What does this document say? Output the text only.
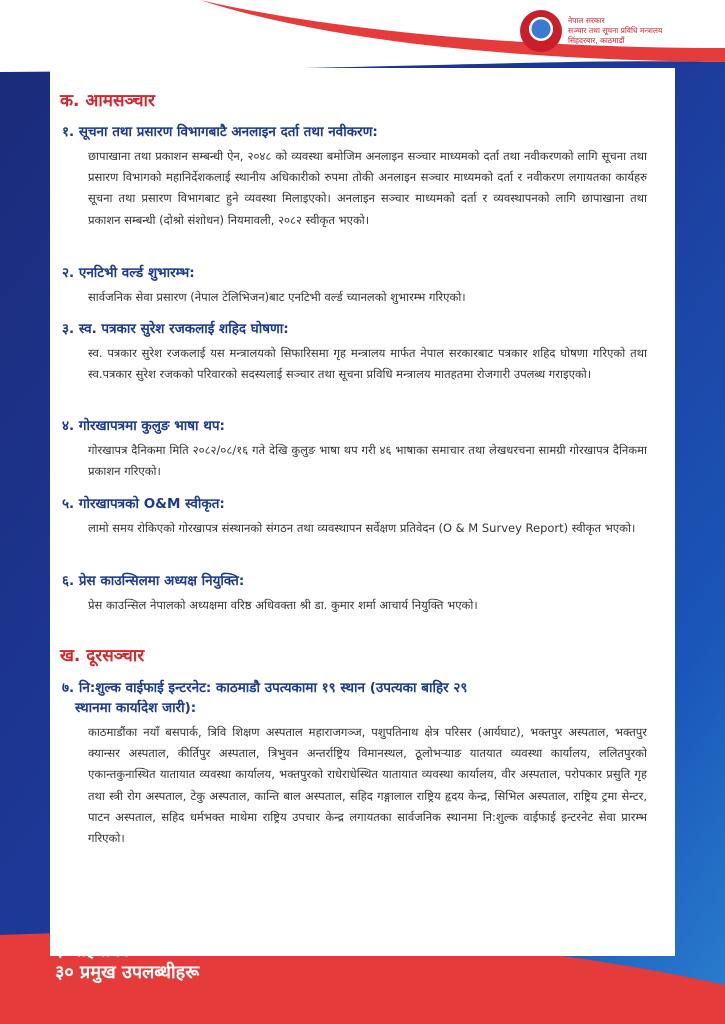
नेपाल सरकार
सञ्चार तथा सूचना प्रविधि मन्त्रालय
सिंहदरबार, काठमाडौं
क. आमसञ्चार
१. सूचना तथा प्रसारण विभागबाटै अनलाइन दर्ता तथा नवीकरण:

छापाखाना तथा प्रकाशन सम्बन्धी ऐन, २०४८ को व्यवस्था बमोजिम अनलाइन सञ्चार माध्यमको दर्ता तथा नवीकरणको लागि सूचना तथा प्रसारण विभागको महानिर्देशकलाई स्थानीय अधिकारीको रुपमा तोकी अनलाइन सञ्चार माध्यमको दर्ता र नवीकरण लगायतका कार्यहरु सूचना तथा प्रसारण विभागबाट हुने व्यवस्था मिलाइएको। अनलाइन सञ्चार माध्यमको दर्ता र व्यवस्थापनको लागि छापाखाना तथा प्रकाशन सम्बन्धी (दोश्रो संशोधन) नियमावली, २०८२ स्वीकृत भएको।

२. एनटिभी वर्ल्ड शुभारम्भ:

सार्वजनिक सेवा प्रसारण (नेपाल टेलिभिजन)बाट एनटिभी वर्ल्ड च्यानलको शुभारम्भ गरिएको।

३. स्व. पत्रकार सुरेश रजकलाई शहिद घोषणा:

स्व. पत्रकार सुरेश रजकलाई यस मन्त्रालयको सिफारिसमा गृह मन्त्रालय मार्फत नेपाल सरकारबाट पत्रकार शहिद घोषणा गरिएको तथा स्व.पत्रकार सुरेश रजकको परिवारको सदस्यलाई सञ्चार तथा सूचना प्रविधि मन्त्रालय मातहतमा रोजगारी उपलब्ध गराइएको।

४. गोरखापत्रमा कुलुङ भाषा थप:

गोरखापत्र दैनिकमा मिति २०८२/०८/१६ गते देखि कुलुङ भाषा थप गरी ४६ भाषाका समाचार तथा लेखधरचना सामग्री गोरखापत्र दैनिकमा प्रकाशन गरिएको।

५. गोरखापत्रको O&M स्वीकृत:

लामो समय रोकिएको गोरखापत्र संस्थानको संगठन तथा व्यवस्थापन सर्वेक्षण प्रतिवेदन (O & M Survey Report) स्वीकृत भएको।

६. प्रेस काउन्सिलमा अध्यक्ष नियुक्ति:

प्रेस काउन्सिल नेपालको अध्यक्षमा वरिष्ठ अधिवक्ता श्री डा. कुमार शर्मा आचार्य नियुक्ति भएको।

ख. दूरसञ्चार
७. नि:शुल्क वाईफाई इन्टरनेट: काठमाडौ उपत्यकामा १९ स्थान (उपत्यका बाहिर २९
स्थानमा कार्यादेश जारी):

काठमाडौंका नयाँ बसपार्क, त्रिवि शिक्षण अस्पताल महाराजगञ्ज, पशुपतिनाथ क्षेत्र परिसर (आर्यघाट), भक्तपुर अस्पताल, भक्तपुर क्यान्सर अस्पताल, कीर्तिपुर अस्पताल, त्रिभुवन अन्तर्राष्ट्रिय विमानस्थल, ठूलोभऱ्याङ यातयात व्यवस्था कार्यालय, ललितपुरको एकान्तकुनास्थित यातायात व्यवस्था कार्यालय, भक्तपुरको राधेराधेस्थित यातायात व्यवस्था कार्यालय, वीर अस्पताल, परोपकार प्रसुति गृह तथा स्त्री रोग अस्पताल, टेकु अस्पताल, कान्ति बाल अस्पताल, सहिद गङ्गालाल राष्ट्रिय हृदय केन्द्र, सिभिल अस्पताल, राष्ट्रिय ट्रमा सेन्टर, पाटन अस्पताल, सहिद धर्मभक्त माथेमा राष्ट्रिय उपचार केन्द्र लगायतका सार्वजनिक स्थानमा नि:शुल्क वाईफाई इन्टरनेट सेवा प्रारम्भ गरिएको।

३ महिनाको
३० प्रमुख उपलब्धीहरू
